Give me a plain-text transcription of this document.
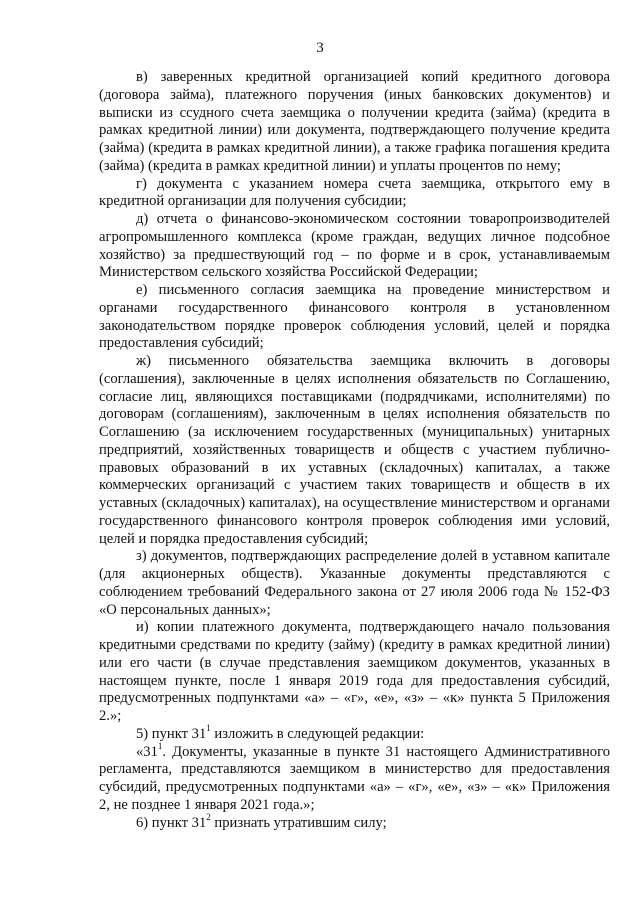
3

в) заверенных кредитной организацией копий кредитного договора (договора займа), платежного поручения (иных банковских документов) и выписки из ссудного счета заемщика о получении кредита (займа) (кредита в рамках кредитной линии) или документа, подтверждающего получение кредита (займа) (кредита в рамках кредитной линии), а также графика погашения кредита (займа) (кредита в рамках кредитной линии) и уплаты процентов по нему;

г) документа с указанием номера счета заемщика, открытого ему в кредитной организации для получения субсидии;

д) отчета о финансово-экономическом состоянии товаропроизводителей агропромышленного комплекса (кроме граждан, ведущих личное подсобное хозяйство) за предшествующий год – по форме и в срок, устанавливаемым Министерством сельского хозяйства Российской Федерации;

е) письменного согласия заемщика на проведение министерством и органами государственного финансового контроля в установленном законодательством порядке проверок соблюдения условий, целей и порядка предоставления субсидий;

ж) письменного обязательства заемщика включить в договоры (соглашения), заключенные в целях исполнения обязательств по Соглашению, согласие лиц, являющихся поставщиками (подрядчиками, исполнителями) по договорам (соглашениям), заключенным в целях исполнения обязательств по Соглашению (за исключением государственных (муниципальных) унитарных предприятий, хозяйственных товариществ и обществ с участием публично-правовых образований в их уставных (складочных) капиталах, а также коммерческих организаций с участием таких товариществ и обществ в их уставных (складочных) капиталах), на осуществление министерством и органами государственного финансового контроля проверок соблюдения ими условий, целей и порядка предоставления субсидий;

з) документов, подтверждающих распределение долей в уставном капитале (для акционерных обществ). Указанные документы представляются с соблюдением требований Федерального закона от 27 июля 2006 года № 152-ФЗ «О персональных данных»;

и) копии платежного документа, подтверждающего начало пользования кредитными средствами по кредиту (займу) (кредиту в рамках кредитной линии) или его части (в случае представления заемщиком документов, указанных в настоящем пункте, после 1 января 2019 года для предоставления субсидий, предусмотренных подпунктами «а» – «г», «е», «з» – «к» пункта 5 Приложения 2.»;

5) пункт $31^1$ изложить в следующей редакции:

«$31^1$. Документы, указанные в пункте 31 настоящего Административного регламента, представляются заемщиком в министерство для предоставления субсидий, предусмотренных подпунктами «а» – «г», «е», «з» – «к» Приложения 2, не позднее 1 января 2021 года.»;

6) пункт $31^2$ признать утратившим силу;
